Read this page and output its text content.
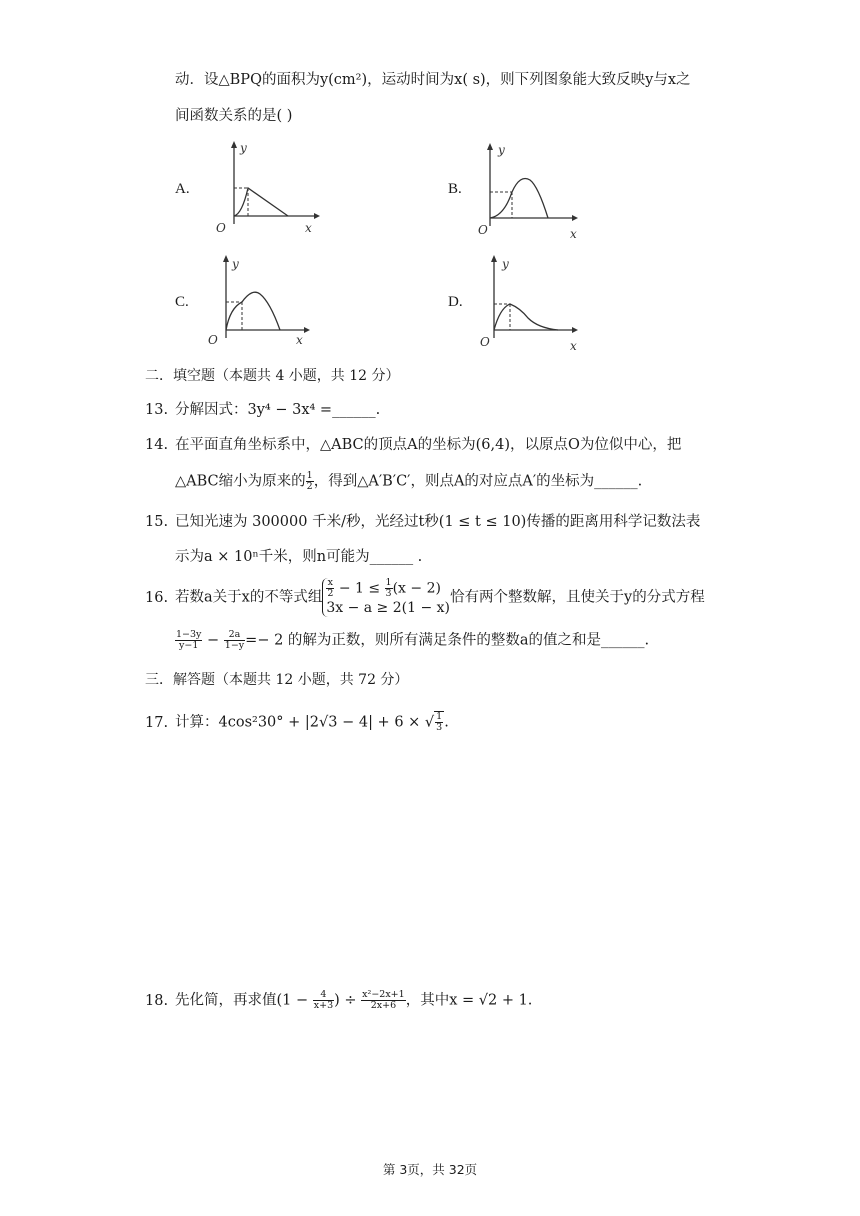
动．设△BPQ的面积为y(cm²)，运动时间为x( s)，则下列图象能大致反映y与x之
间函数关系的是( )
A.	B.
C.	D.
y
O	x
y
O	x
y
O	x
y
O	x
二．填空题（本题共 4 小题，共 12 分）
13. 分解因式：3y⁴ − 3x⁴ =______.
14. 在平面直角坐标系中，△ABC的顶点A的坐标为(6,4)，以原点O为位似中心，把
△ABC缩小为原来的 $\frac{1}{2}$ ，得到△A′B′C′，则点A的对应点A′的坐标为______.
15. 已知光速为 300000 千米/秒，光经过t秒(1 ≤ t ≤ 10)传播的距离用科学记数法表
示为a × 10ⁿ千米，则n可能为______ .
16. 若数a关于x的不等式组 $\frac{x}{2} - 1 \le \frac{1}{3} (x - 2)$
3x − a ≥ 2(1 − x)
恰有两个整数解，且使关于y的分式方程
$\frac{1-3y}{y-1} - \frac{2a}{1-y} =- 2$ 的解为正数，则所有满足条件的整数a的值之和是______.
三．解答题（本题共 12 小题，共 72 分）
17. 计算：4cos²30° + |2√3 − 4| + 6 × √ $\frac{1}{3}$ .
18. 先化简，再求值($1 - \frac{4}{x+3}$ ) ÷ $\frac{\text{x²−2x+1}}{2x+6}$ ，其中x = √2 + 1.
第 3页，共 32页
